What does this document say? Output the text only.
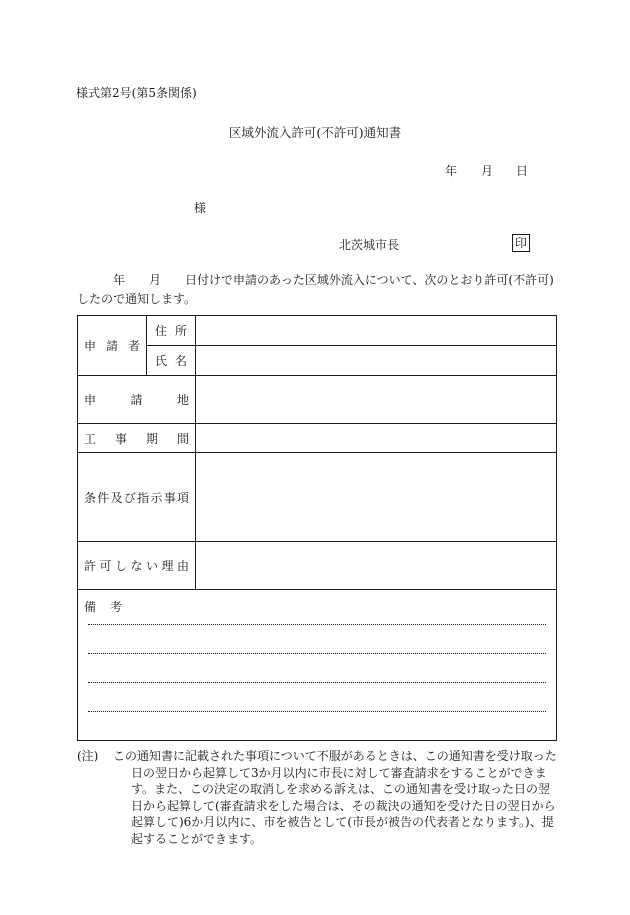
様式第2号(第5条関係)
区域外流入許可(不許可)通知書
年 月 日
様
北茨城市長	印
年 月 日付けで申請のあった区域外流入について、次のとおり許可(不許可)したので通知します。
申請者	住所	
	氏名	
申請地		
工事期間		
条件及び指示事項		
許可しない理由		

備 考		
(注) この通知書に記載された事項について不服があるときは、この通知書を受け取った日の翌日から起算して3か月以内に市長に対して審査請求をすることができます。また、この決定の取消しを求める訴えは、この通知書を受け取った日の翌日から起算して(審査請求をした場合は、その裁決の通知を受けた日の翌日から起算して)6か月以内に、市を被告として(市長が被告の代表者となります。)、提起することができます。
